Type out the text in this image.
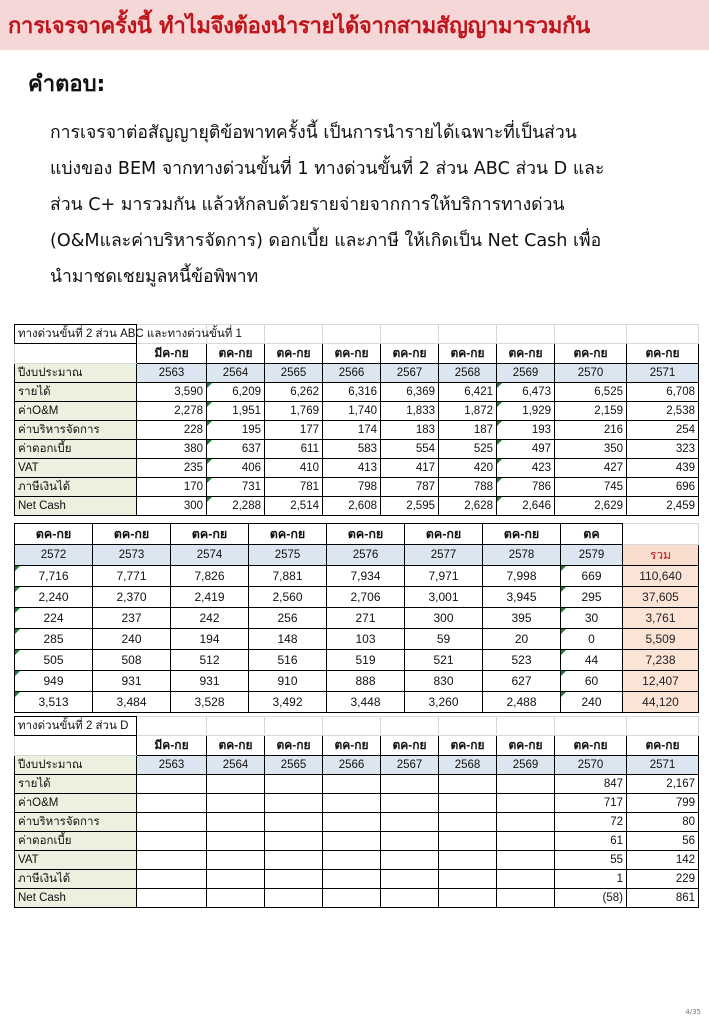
การเจรจาครั้งนี้ ทำไมจึงต้องนำรายได้จากสามสัญญามารวมกัน
คำตอบ:
การเจรจาต่อสัญญายุติข้อพาทครั้งนี้ เป็นการนำรายได้เฉพาะที่เป็นส่วน
แบ่งของ BEM จากทางด่วนขั้นที่ 1 ทางด่วนขั้นที่ 2 ส่วน ABC ส่วน D และ
ส่วน C+ มารวมกัน แล้วหักลบด้วยรายจ่ายจากการให้บริการทางด่วน
(O&Mและค่าบริหารจัดการ) ดอกเบี้ย และภาษี ให้เกิดเป็น Net Cash เพื่อ
นำมาชดเชยมูลหนี้ข้อพิพาท
ทางด่วนขั้นที่ 2 ส่วน ABC และทางด่วนขั้นที่ 1									
	มีค-กย	ตค-กย	ตค-กย	ตค-กย	ตค-กย	ตค-กย	ตค-กย	ตค-กย	ตค-กย
ปีงบประมาณ	2563	2564	2565	2566	2567	2568	2569	2570	2571
รายได้	3,590	6,209	6,262	6,316	6,369	6,421	6,473	6,525	6,708
ค่าO&M	2,278	1,951	1,769	1,740	1,833	1,872	1,929	2,159	2,538
ค่าบริหารจัดการ	228	195	177	174	183	187	193	216	254
ค่าดอกเบี้ย	380	637	611	583	554	525	497	350	323
VAT	235	406	410	413	417	420	423	427	439
ภาษีเงินได้	170	731	781	798	787	788	786	745	696
Net Cash	300	2,288	2,514	2,608	2,595	2,628	2,646	2,629	2,459
ตค-กย	ตค-กย	ตค-กย	ตค-กย	ตค-กย	ตค-กย	ตค-กย	ตค	
2572	2573	2574	2575	2576	2577	2578	2579	รวม
7,716	7,771	7,826	7,881	7,934	7,971	7,998	669	110,640
2,240	2,370	2,419	2,560	2,706	3,001	3,945	295	37,605
224	237	242	256	271	300	395	30	3,761
285	240	194	148	103	59	20	0	5,509
505	508	512	516	519	521	523	44	7,238
949	931	931	910	888	830	627	60	12,407
3,513	3,484	3,528	3,492	3,448	3,260	2,488	240	44,120
ทางด่วนขั้นที่ 2 ส่วน D									
	มีค-กย	ตค-กย	ตค-กย	ตค-กย	ตค-กย	ตค-กย	ตค-กย	ตค-กย	ตค-กย
ปีงบประมาณ	2563	2564	2565	2566	2567	2568	2569	2570	2571
รายได้								847	2,167
ค่าO&M								717	799
ค่าบริหารจัดการ								72	80
ค่าดอกเบี้ย								61	56
VAT								55	142
ภาษีเงินได้								1	229
Net Cash								(58)	861
4/35
